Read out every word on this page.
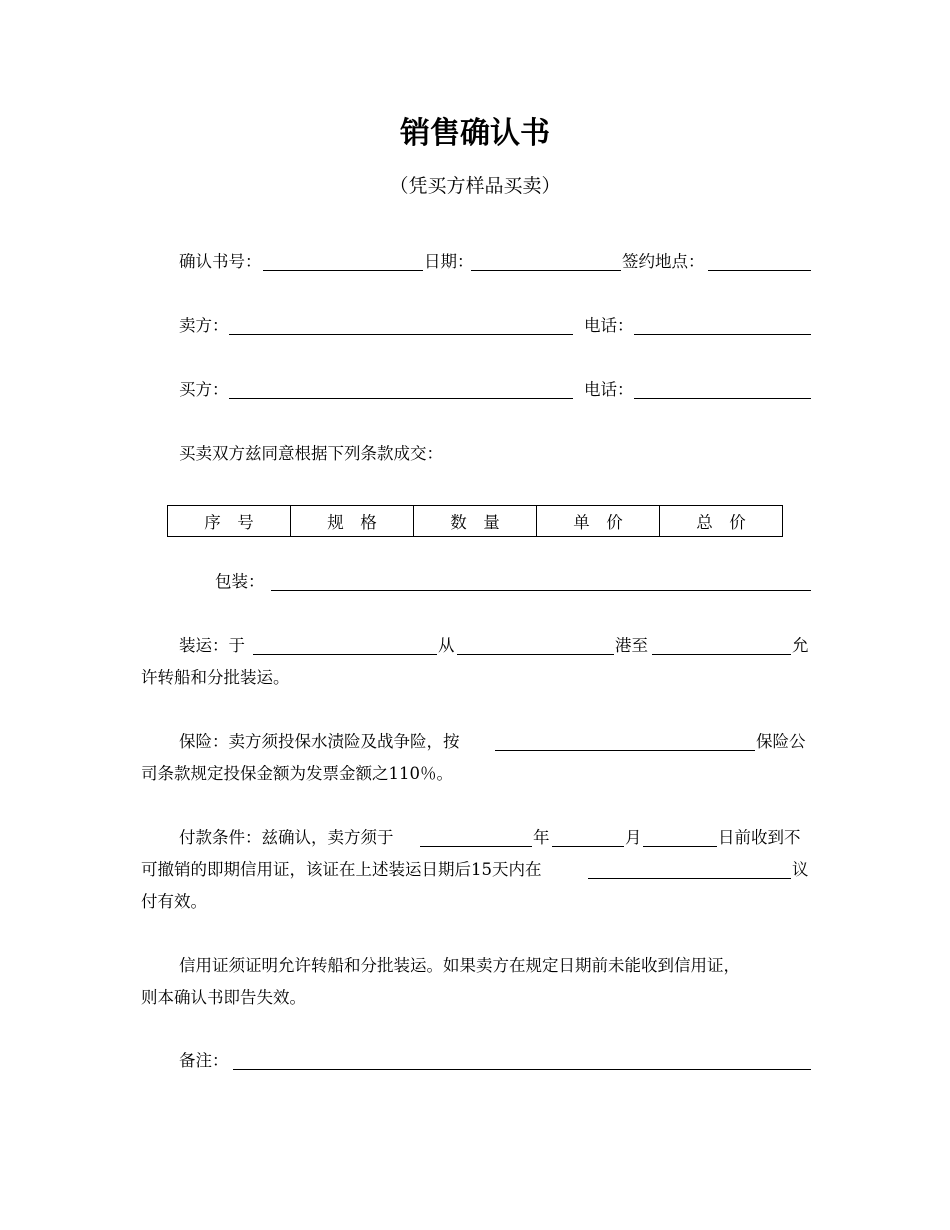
销售确认书
（凭买方样品买卖）
确认书号：	日期：	签约地点：
卖方：	电话：
买方：	电话：
买卖双方兹同意根据下列条款成交：
序　号	规　格	数　量	单　价	总　价
包装：
装运：于	从	港至	允
许转船和分批装运。
保险：卖方须投保水渍险及战争险，按	保险公
司条款规定投保金额为发票金额之110％。
付款条件：兹确认，卖方须于	年	月	日前收到不
可撤销的即期信用证，该证在上述装运日期后15天内在	议
付有效。
信用证须证明允许转船和分批装运。如果卖方在规定日期前未能收到信用证，
则本确认书即告失效。
备注：
